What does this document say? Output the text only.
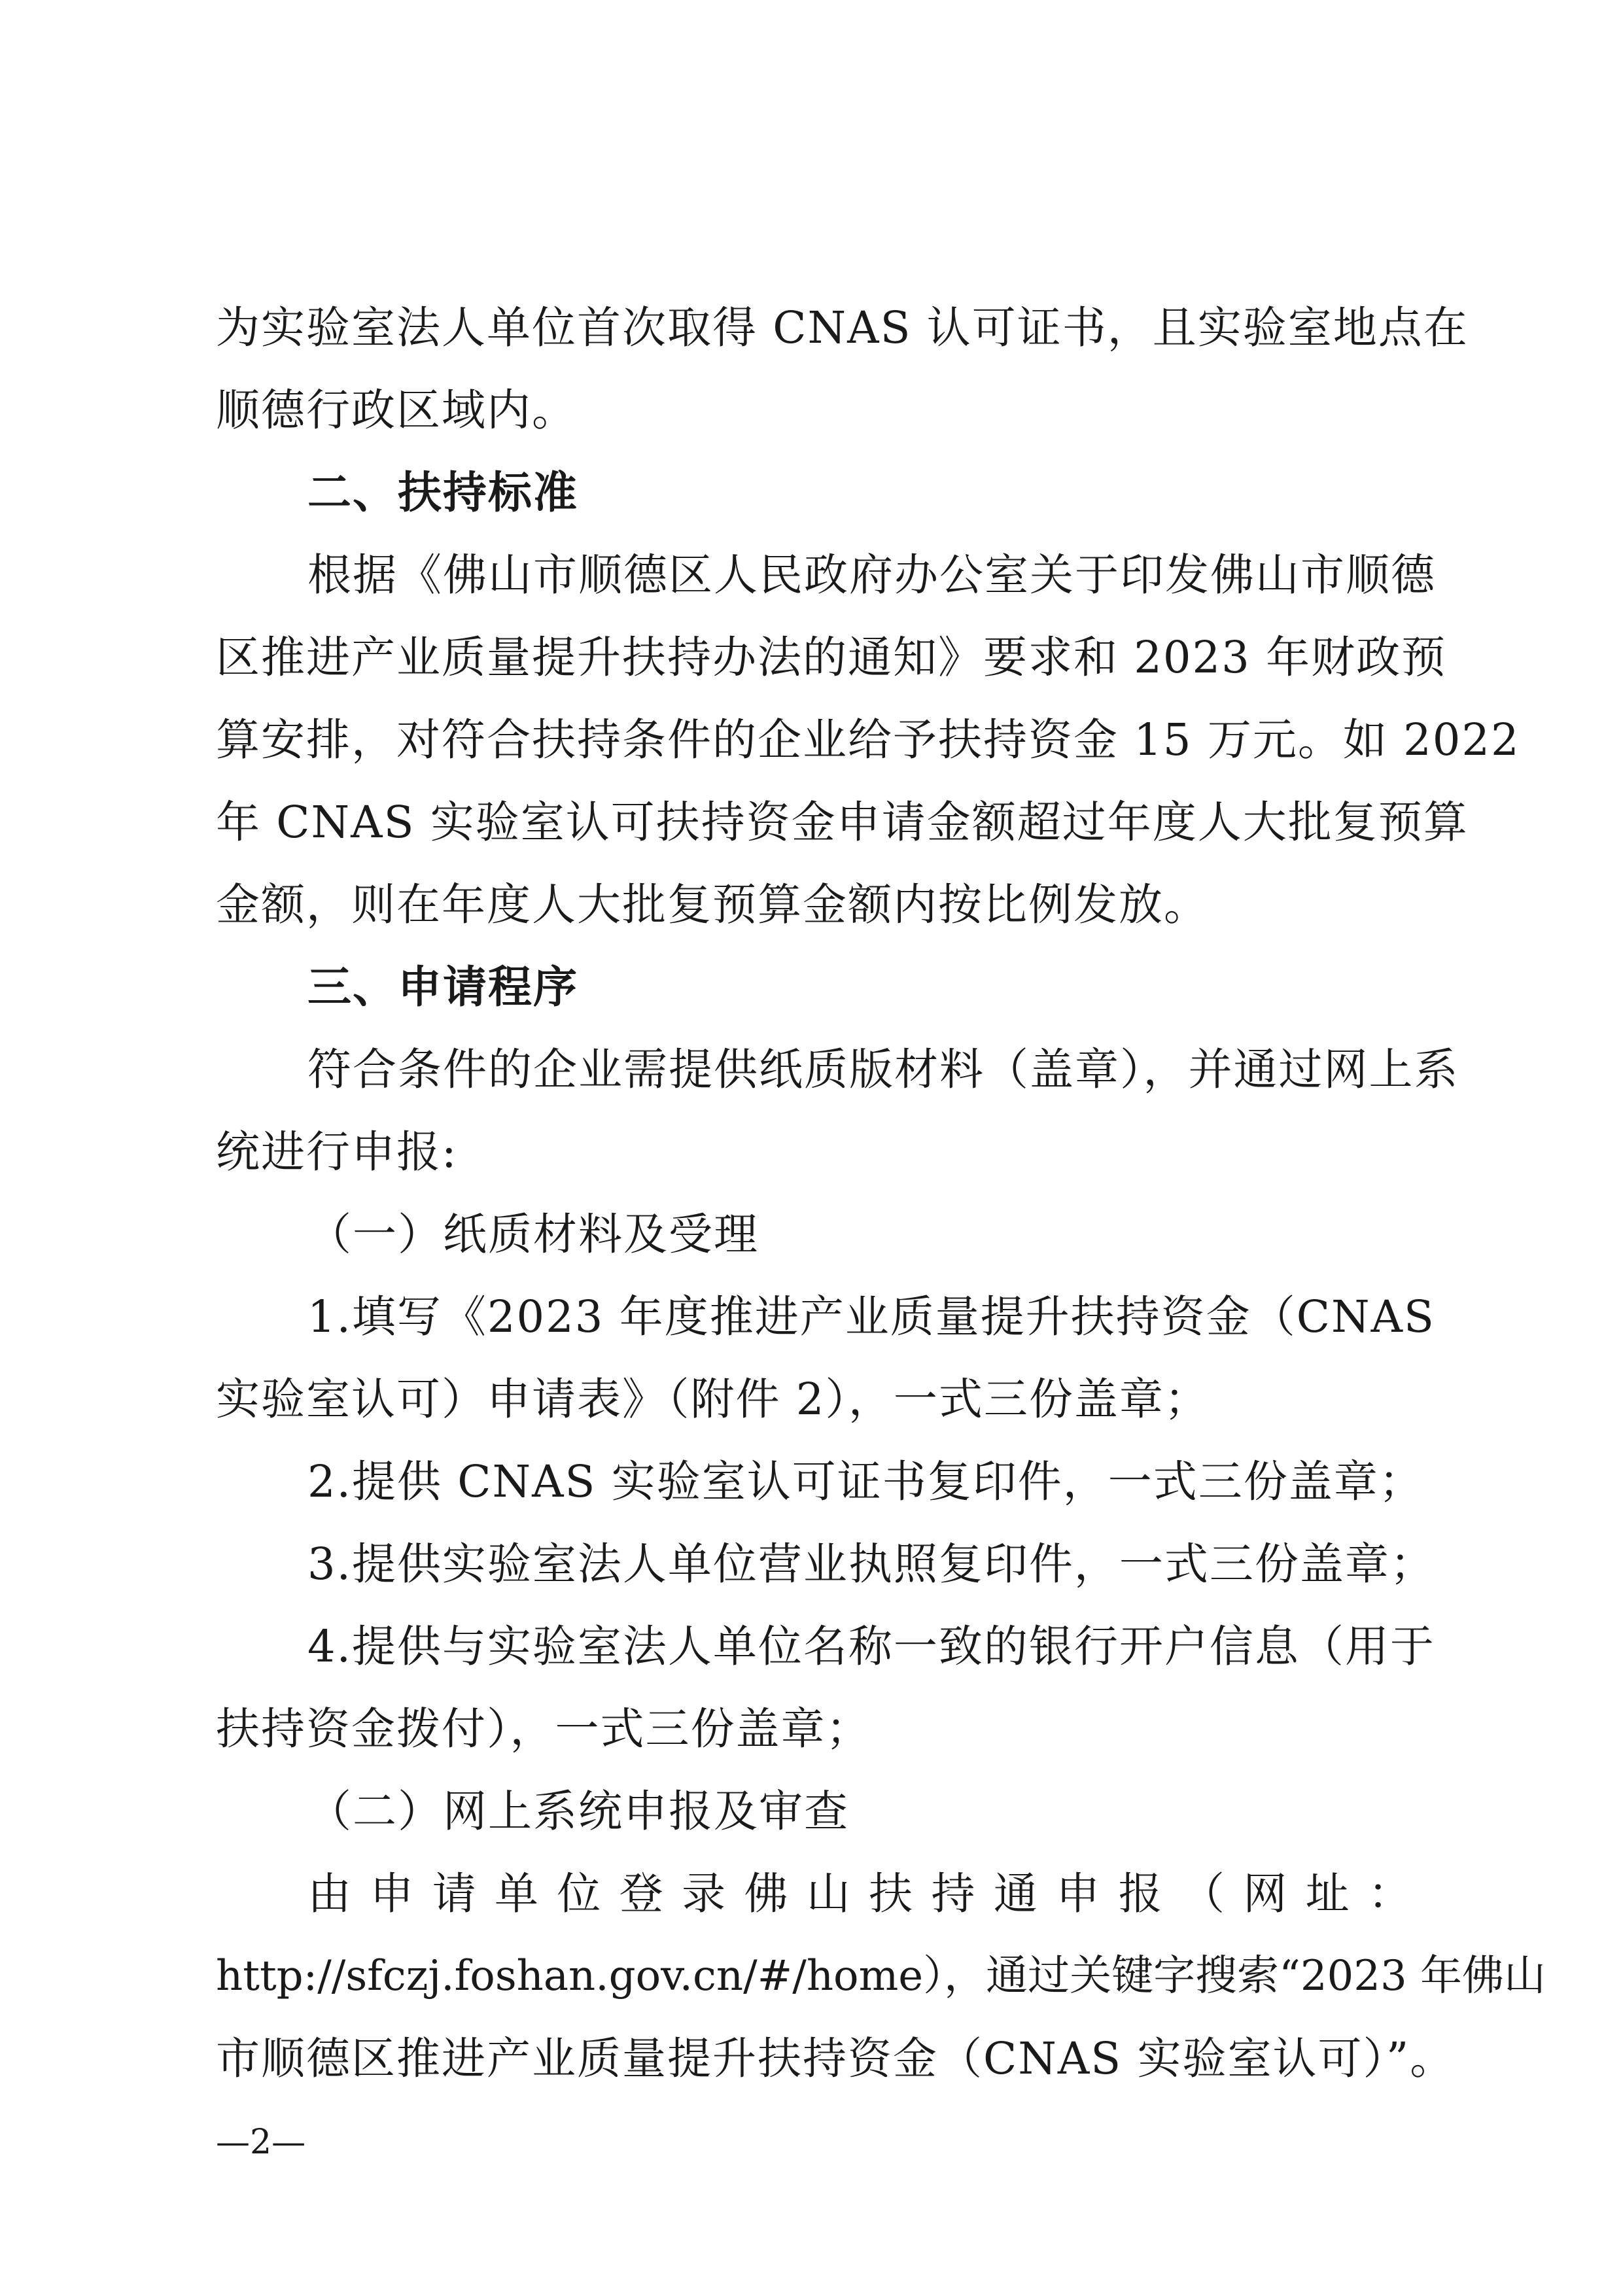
为实验室法人单位首次取得 CNAS 认可证书，且实验室地点在
顺德行政区域内。
二、扶持标准
根据《佛山市顺德区人民政府办公室关于印发佛山市顺德
区推进产业质量提升扶持办法的通知》要求和 2023 年财政预
算安排，对符合扶持条件的企业给予扶持资金 15 万元。如 2022
年 CNAS 实验室认可扶持资金申请金额超过年度人大批复预算
金额，则在年度人大批复预算金额内按比例发放。
三、申请程序
符合条件的企业需提供纸质版材料（盖章），并通过网上系
统进行申报:
（一）纸质材料及受理
1.填写《2023 年度推进产业质量提升扶持资金（CNAS
实验室认可）申请表》（附件 2），一式三份盖章；
2.提供 CNAS 实验室认可证书复印件，一式三份盖章；
3.提供实验室法人单位营业执照复印件，一式三份盖章；
4.提供与实验室法人单位名称一致的银行开户信息（用于
扶持资金拨付），一式三份盖章；
（二）网上系统申报及审查
由申请单位登录佛山扶持通申报（网址：
http://sfczj.foshan.gov.cn/#/home），通过关键字搜索“2023 年佛山
市顺德区推进产业质量提升扶持资金（CNAS 实验室认可）”。
—2—
